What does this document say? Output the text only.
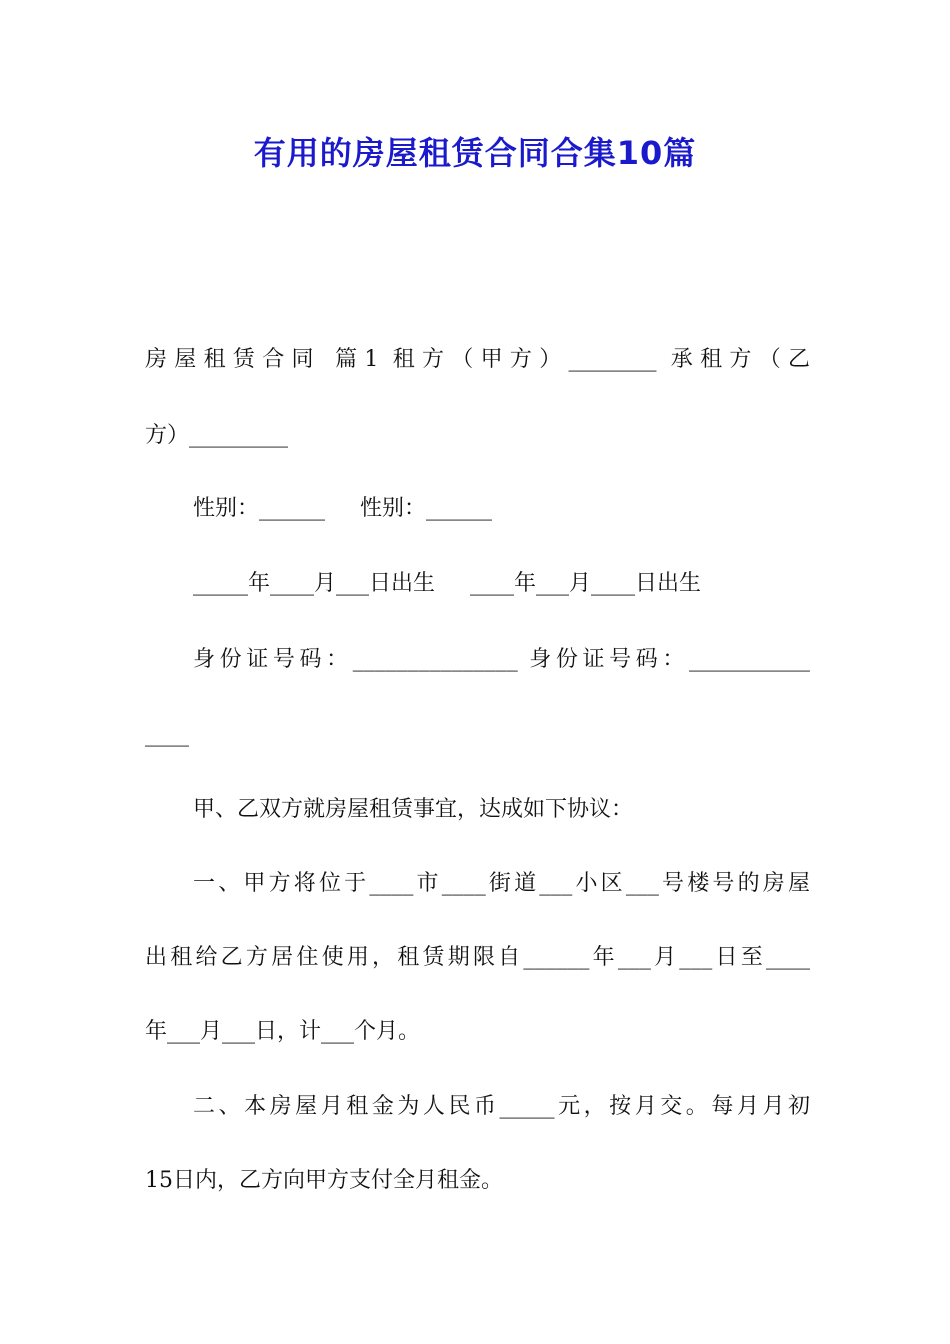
有用的房屋租赁合同合集10篇
房屋租赁合同 篇1 租方（甲方）________ 承租方（乙
方）_________
性别：______     性别：______
_____年____月___日出生     ____年___月____日出生
身份证号码：_______________ 身份证号码：___________
____
甲、乙双方就房屋租赁事宜，达成如下协议：
一、甲方将位于____市____街道___小区___号楼号的房屋
出租给乙方居住使用，租赁期限自______年___月___日至____
年___月___日，计___个月。
二、本房屋月租金为人民币_____元，按月交。每月月初
15日内，乙方向甲方支付全月租金。
